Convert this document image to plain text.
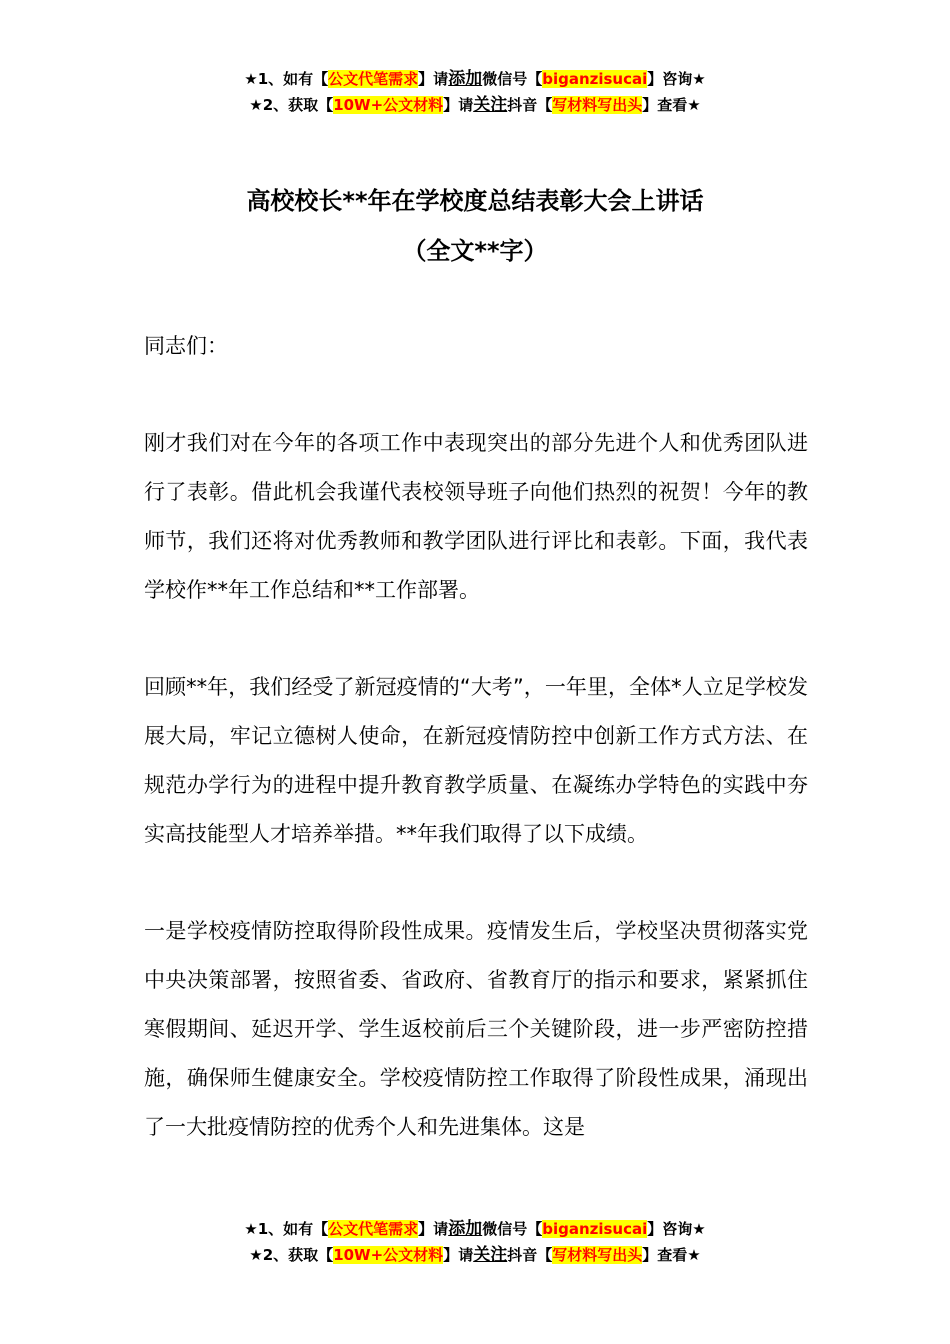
★1、如有【公文代笔需求】请添加微信号【biganzisucai】咨询★
★2、获取【10W+公文材料】请关注抖音【写材料写出头】查看★
高校校长**年在学校度总结表彰大会上讲话
（全文**字）

同志们：

刚才我们对在今年的各项工作中表现突出的部分先进个人和优秀团队进行了表彰。借此机会我谨代表校领导班子向他们热烈的祝贺！今年的教师节，我们还将对优秀教师和教学团队进行评比和表彰。下面，我代表学校作**年工作总结和**工作部署。

回顾**年，我们经受了新冠疫情的“大考”，一年里，全体*人立足学校发展大局，牢记立德树人使命，在新冠疫情防控中创新工作方式方法、在规范办学行为的进程中提升教育教学质量、在凝练办学特色的实践中夯实高技能型人才培养举措。**年我们取得了以下成绩。

一是学校疫情防控取得阶段性成果。疫情发生后，学校坚决贯彻落实党中央决策部署，按照省委、省政府、省教育厅的指示和要求，紧紧抓住寒假期间、延迟开学、学生返校前后三个关键阶段，进一步严密防控措施，确保师生健康安全。学校疫情防控工作取得了阶段性成果，涌现出了一大批疫情防控的优秀个人和先进集体。这是

★1、如有【公文代笔需求】请添加微信号【biganzisucai】咨询★
★2、获取【10W+公文材料】请关注抖音【写材料写出头】查看★
